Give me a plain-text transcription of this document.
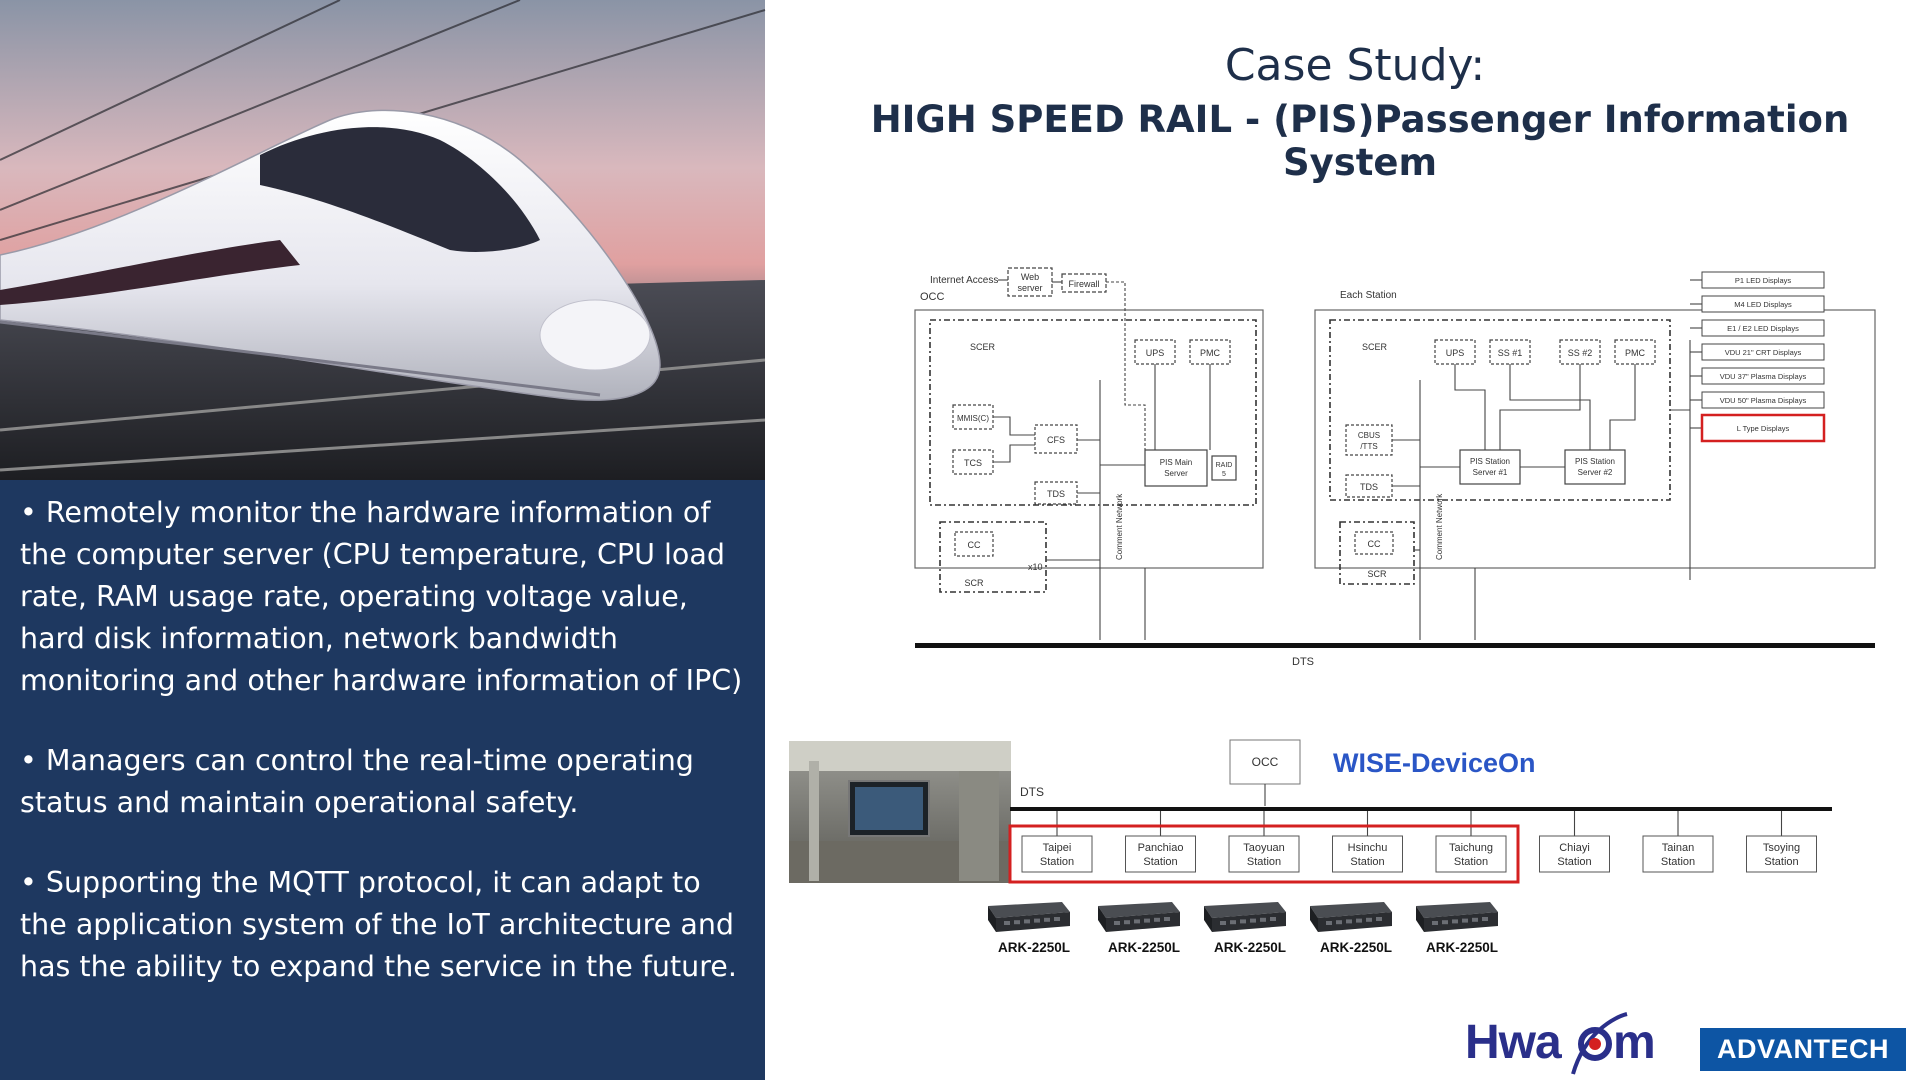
• Remotely monitor the hardware information of the computer server (CPU temperature, CPU load rate, RAM usage rate, operating voltage value, hard disk information, network bandwidth monitoring and other hardware information of IPC)

• Managers can control the real-time operating status and maintain operational safety.

• Supporting the MQTT protocol, it can adapt to the application system of the IoT architecture and has the ability to expand the service in the future.

Case Study:
HIGH SPEED RAIL - (PIS)Passenger Information System
Internet Access Web
server	Firewall
OCC
SCER
UPS	PMC
MMIS(C)
TCS
CFS
TDS
PIS Main
Server
RAID
5
Comment Network
CC
SCR
x10
Each Station
SCER
UPS	SS #1	SS #2	PMC
CBUS
/TTS
TDS
PIS Station
Server #1
PIS Station
Server #2
Comment Network
CC
SCR
P1 LED Displays
M4 LED Displays
E1 / E2 LED Displays
VDU 21" CRT Displays
VDU 37" Plasma Displays
VDU 50" Plasma Displays
L Type Displays
DTS
OCC WISE-DeviceOn
DTS
Taipei
Station
Panchiao
Station
Taoyuan
Station
Hsinchu
Station
Taichung
Station
Chiayi
Station
Tainan
Station
Tsoying
Station
ARK-2250L	ARK-2250L	ARK-2250L	ARK-2250L	ARK-2250L
Hwa m ADVANTECH
